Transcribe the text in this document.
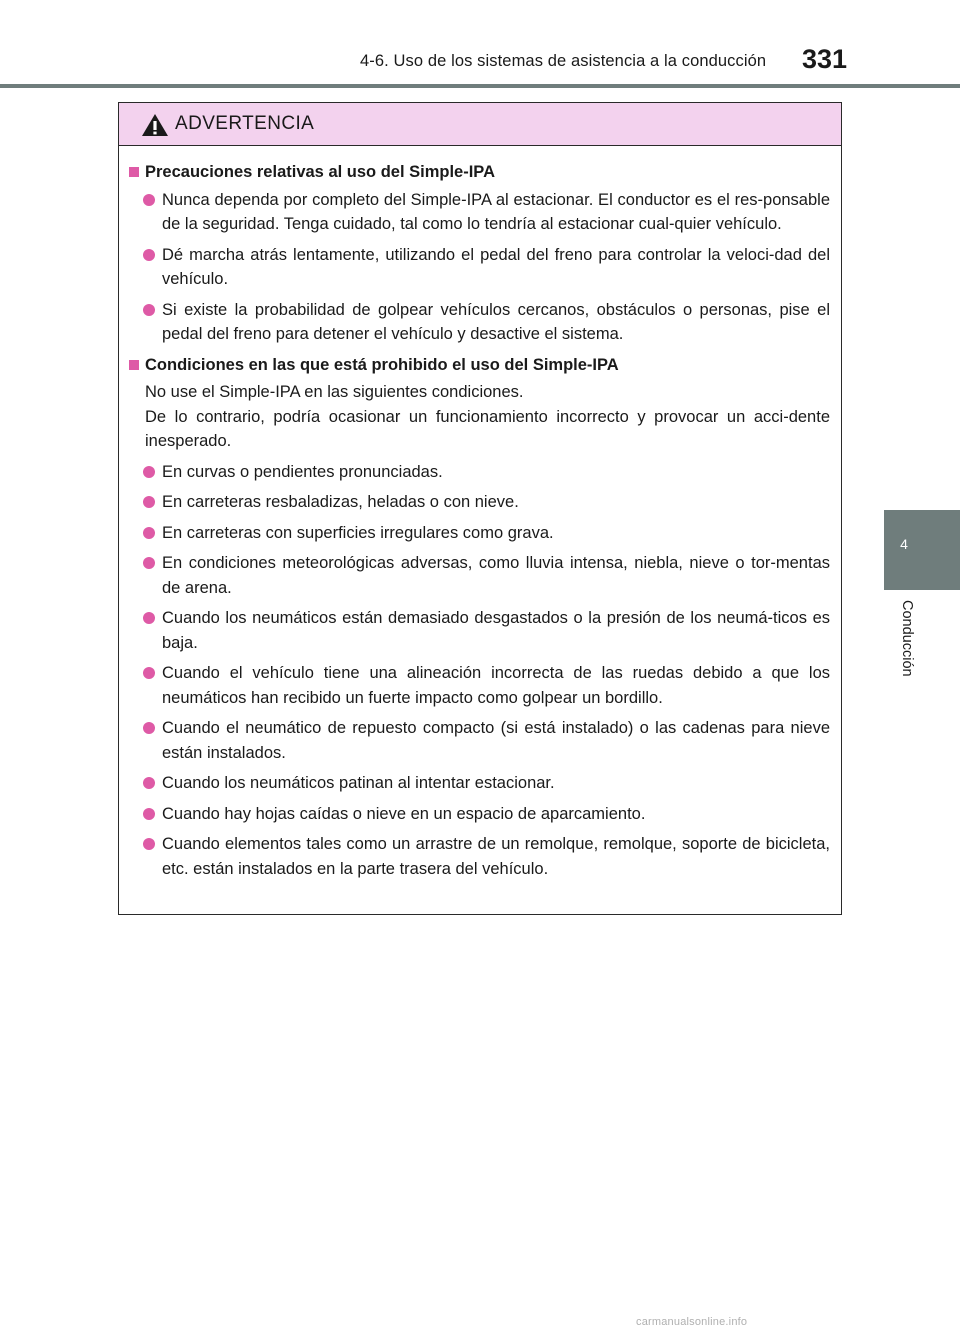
4-6. Uso de los sistemas de asistencia a la conducción 331
4
Conducción
ADVERTENCIA
Precauciones relativas al uso del Simple-IPA
Nunca dependa por completo del Simple-IPA al estacionar. El conductor es el res-ponsable de la seguridad. Tenga cuidado, tal como lo tendría al estacionar cual-quier vehículo.
Dé marcha atrás lentamente, utilizando el pedal del freno para controlar la veloci-dad del vehículo.
Si existe la probabilidad de golpear vehículos cercanos, obstáculos o personas, pise el pedal del freno para detener el vehículo y desactive el sistema.
Condiciones en las que está prohibido el uso del Simple-IPA
No use el Simple-IPA en las siguientes condiciones.
De lo contrario, podría ocasionar un funcionamiento incorrecto y provocar un acci-dente inesperado.
En curvas o pendientes pronunciadas.
En carreteras resbaladizas, heladas o con nieve.
En carreteras con superficies irregulares como grava.
En condiciones meteorológicas adversas, como lluvia intensa, niebla, nieve o tor-mentas de arena.
Cuando los neumáticos están demasiado desgastados o la presión de los neumá-ticos es baja.
Cuando el vehículo tiene una alineación incorrecta de las ruedas debido a que los neumáticos han recibido un fuerte impacto como golpear un bordillo.
Cuando el neumático de repuesto compacto (si está instalado) o las cadenas para nieve están instalados.
Cuando los neumáticos patinan al intentar estacionar.
Cuando hay hojas caídas o nieve en un espacio de aparcamiento.
Cuando elementos tales como un arrastre de un remolque, remolque, soporte de bicicleta, etc. están instalados en la parte trasera del vehículo.
carmanualsonline.info
